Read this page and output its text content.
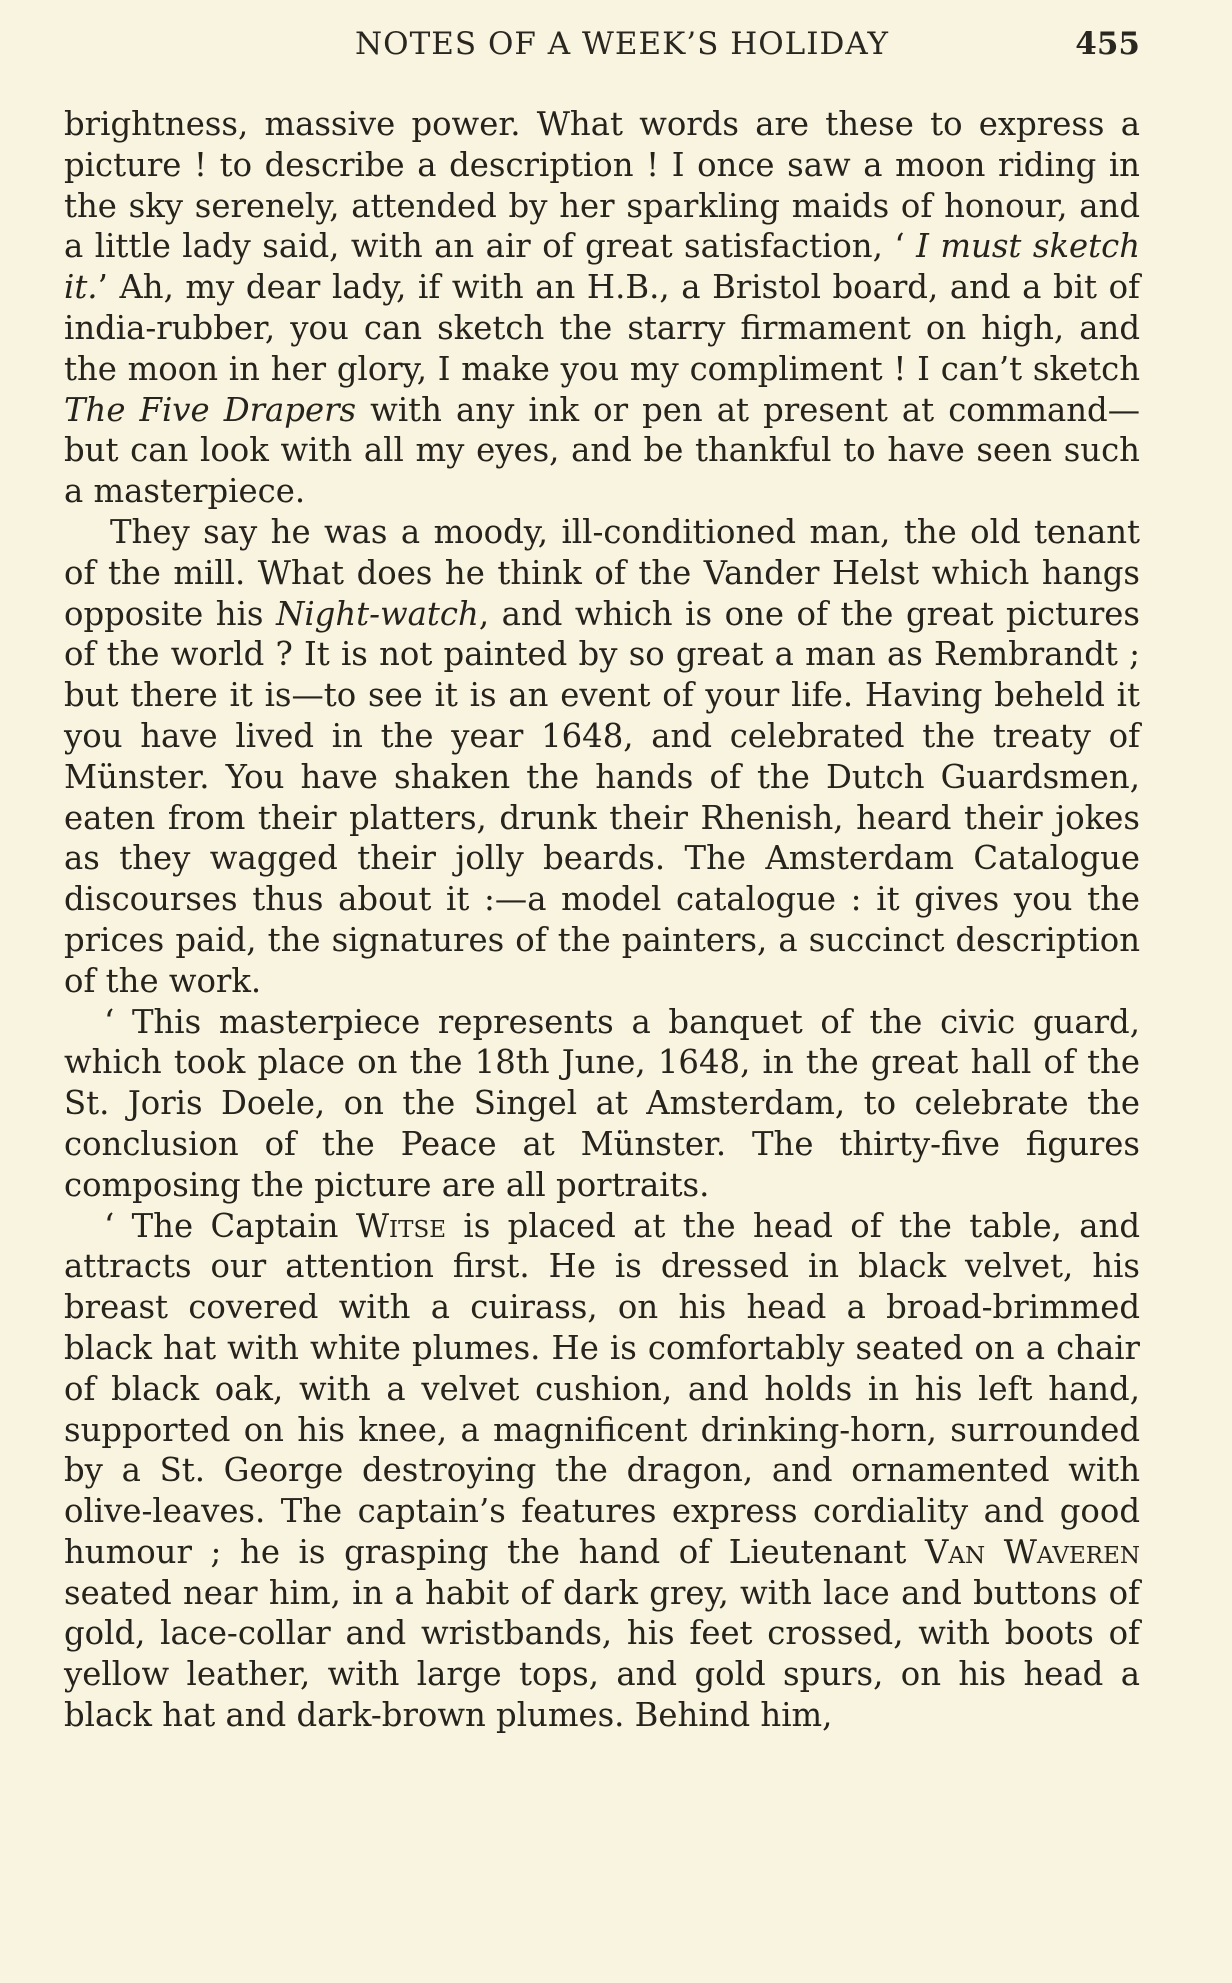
NOTES OF A WEEK’S HOLIDAY	455

brightness, massive power. What words are these to express a picture ! to describe a description ! I once saw a moon riding in the sky serenely, attended by her sparkling maids of honour, and a little lady said, with an air of great satisfaction, ‘ I must sketch it.’ Ah, my dear lady, if with an H.B., a Bristol board, and a bit of india-rubber, you can sketch the starry firmament on high, and the moon in her glory, I make you my compliment ! I can’t sketch The Five Drapers with any ink or pen at present at command—but can look with all my eyes, and be thankful to have seen such a masterpiece.

They say he was a moody, ill-conditioned man, the old tenant of the mill. What does he think of the Vander Helst which hangs opposite his Night-watch, and which is one of the great pictures of the world ? It is not painted by so great a man as Rembrandt ; but there it is—to see it is an event of your life. Having beheld it you have lived in the year 1648, and celebrated the treaty of Münster. You have shaken the hands of the Dutch Guardsmen, eaten from their platters, drunk their Rhenish, heard their jokes as they wagged their jolly beards. The Amsterdam Catalogue discourses thus about it :—a model catalogue : it gives you the prices paid, the signatures of the painters, a succinct description of the work.

‘ This masterpiece represents a banquet of the civic guard, which took place on the 18th June, 1648, in the great hall of the St. Joris Doele, on the Singel at Amsterdam, to celebrate the conclusion of the Peace at Münster. The thirty-five figures composing the picture are all portraits.

‘ The Captain Witse is placed at the head of the table, and attracts our attention first. He is dressed in black velvet, his breast covered with a cuirass, on his head a broad-brimmed black hat with white plumes. He is comfortably seated on a chair of black oak, with a velvet cushion, and holds in his left hand, supported on his knee, a magnificent drinking-horn, surrounded by a St. George destroying the dragon, and ornamented with olive-leaves. The captain’s features express cordiality and good humour ; he is grasping the hand of Lieutenant Van Waveren seated near him, in a habit of dark grey, with lace and buttons of gold, lace-collar and wristbands, his feet crossed, with boots of yellow leather, with large tops, and gold spurs, on his head a black hat and dark-brown plumes. Behind him,
